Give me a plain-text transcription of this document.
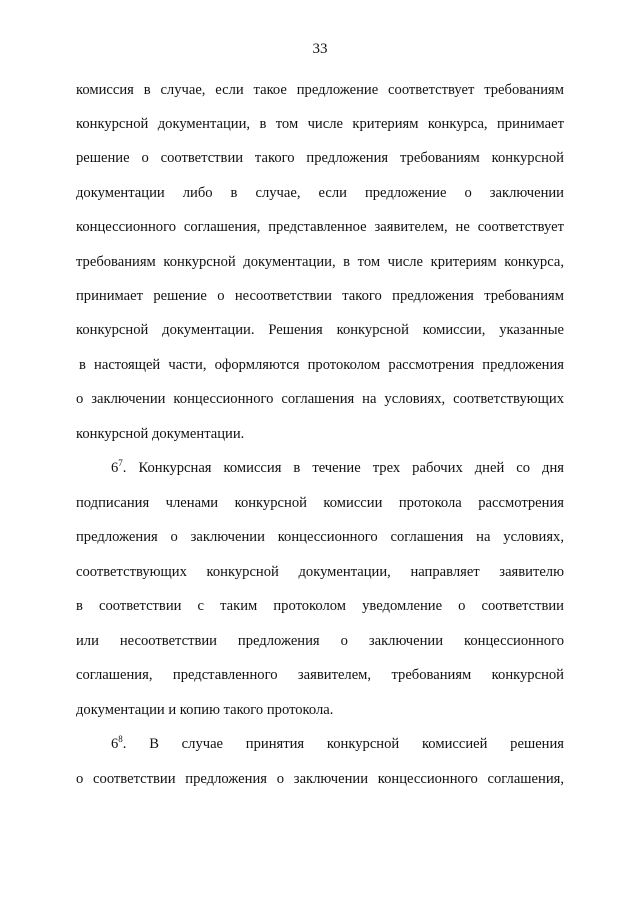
33
комиссия в случае, если такое предложение соответствует требованиям
конкурсной документации, в том числе критериям конкурса, принимает
решение о соответствии такого предложения требованиям конкурсной
документации либо в случае, если предложение о заключении
концессионного соглашения, представленное заявителем, не соответствует
требованиям конкурсной документации, в том числе критериям конкурса,
принимает решение о несоответствии такого предложения требованиям
конкурсной документации. Решения конкурсной комиссии, указанные
в настоящей части, оформляются протоколом рассмотрения предложения
о заключении концессионного соглашения на условиях, соответствующих
конкурсной документации.
$6^7$. Конкурсная комиссия в течение трех рабочих дней со дня
подписания членами конкурсной комиссии протокола рассмотрения
предложения о заключении концессионного соглашения на условиях,
соответствующих конкурсной документации, направляет заявителю
в соответствии с таким протоколом уведомление о соответствии
или несоответствии предложения о заключении концессионного
соглашения, представленного заявителем, требованиям конкурсной
документации и копию такого протокола.
$6^8$. В случае принятия конкурсной комиссией решения
о соответствии предложения о заключении концессионного соглашения,
